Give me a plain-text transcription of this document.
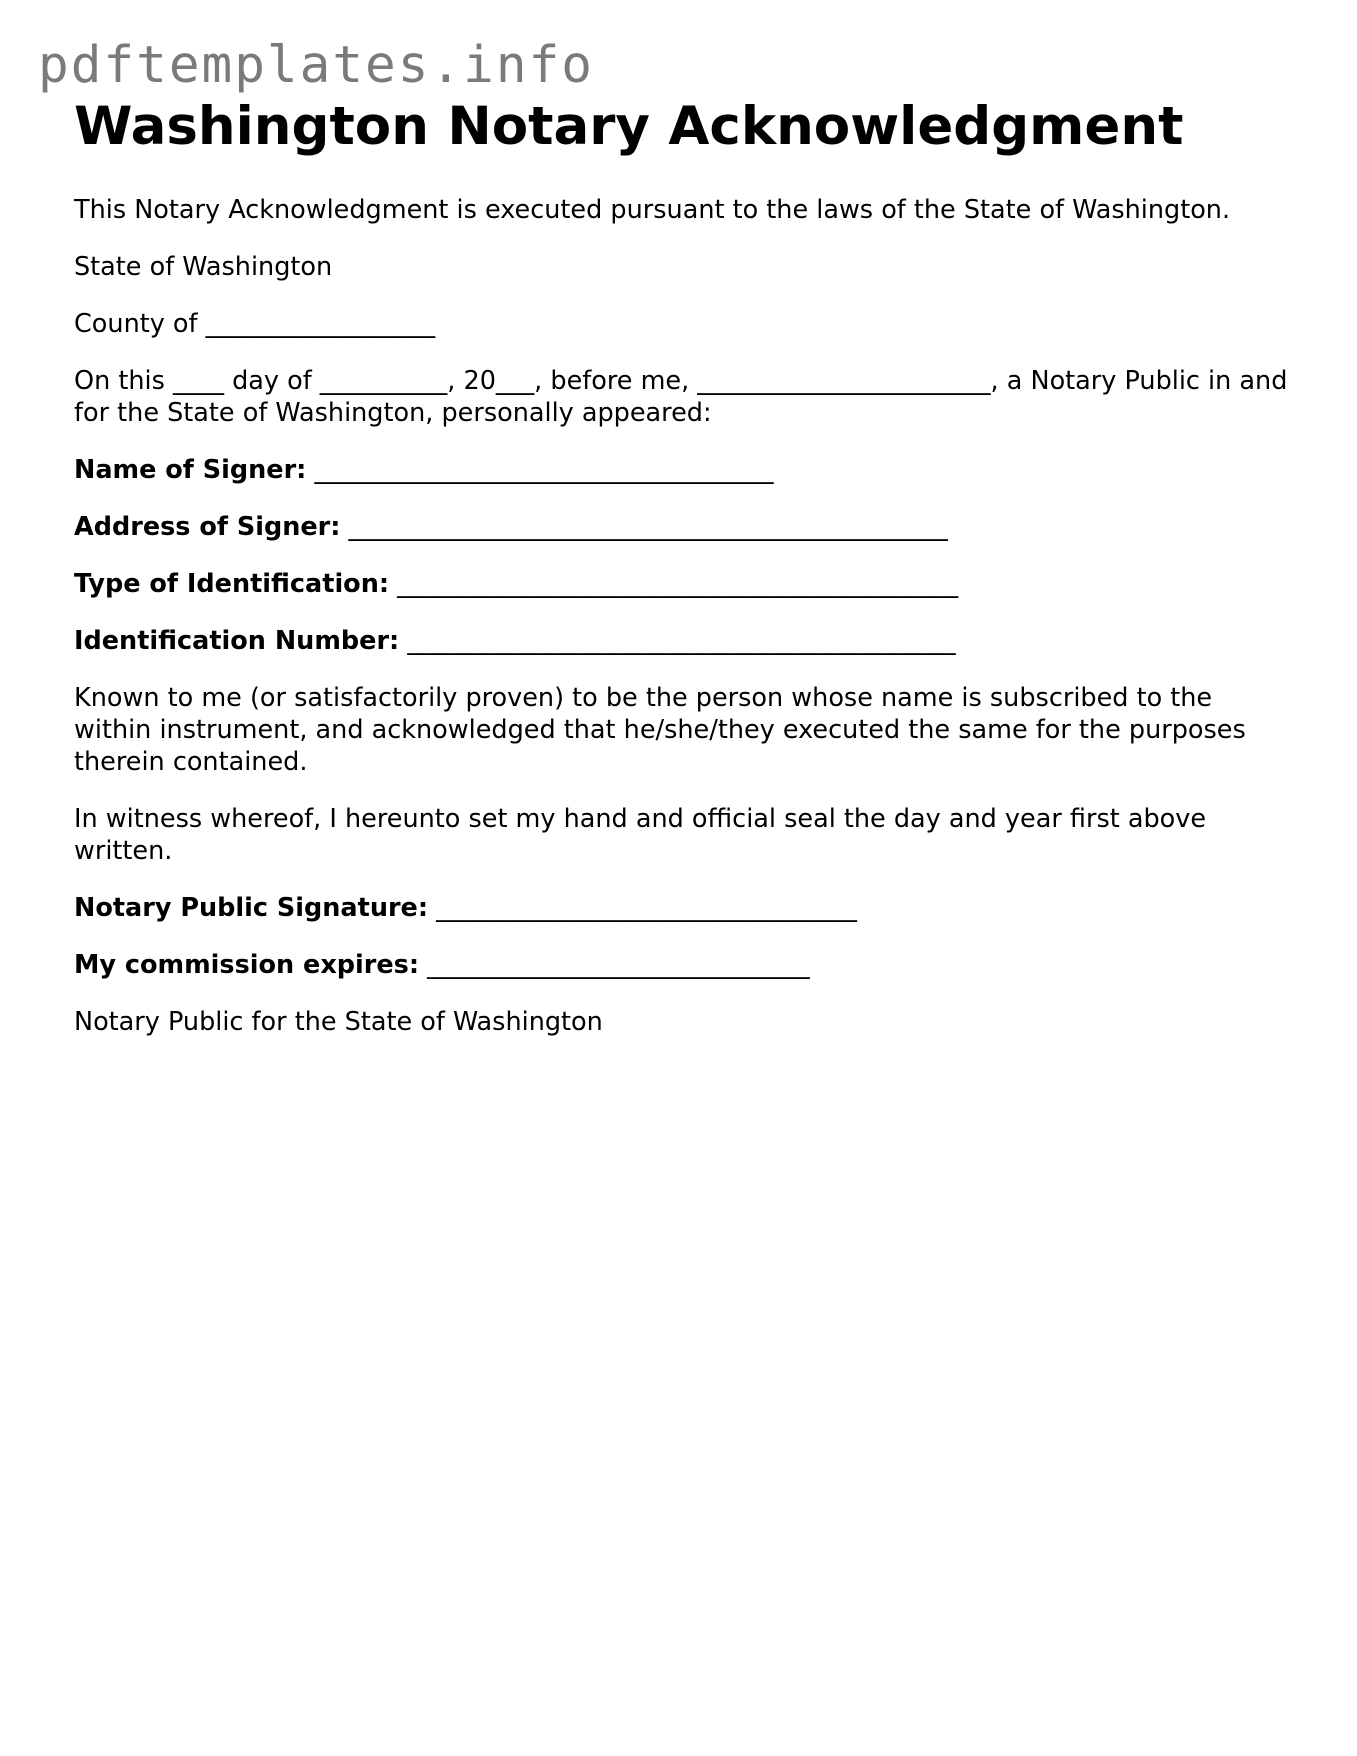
pdftemplates.info
Washington Notary Acknowledgment

This Notary Acknowledgment is executed pursuant to the laws of the State of Washington.

State of Washington

County of __________________

On this ____ day of __________, 20___, before me, _______________________, a Notary Public in and for the State of Washington, personally appeared:

Name of Signer: ____________________________________

Address of Signer: _______________________________________________

Type of Identification: ____________________________________________

Identification Number: ___________________________________________

Known to me (or satisfactorily proven) to be the person whose name is subscribed to the within instrument, and acknowledged that he/she/they executed the same for the purposes therein contained.

In witness whereof, I hereunto set my hand and official seal the day and year first above written.

Notary Public Signature: _________________________________

My commission expires: ______________________________

Notary Public for the State of Washington
